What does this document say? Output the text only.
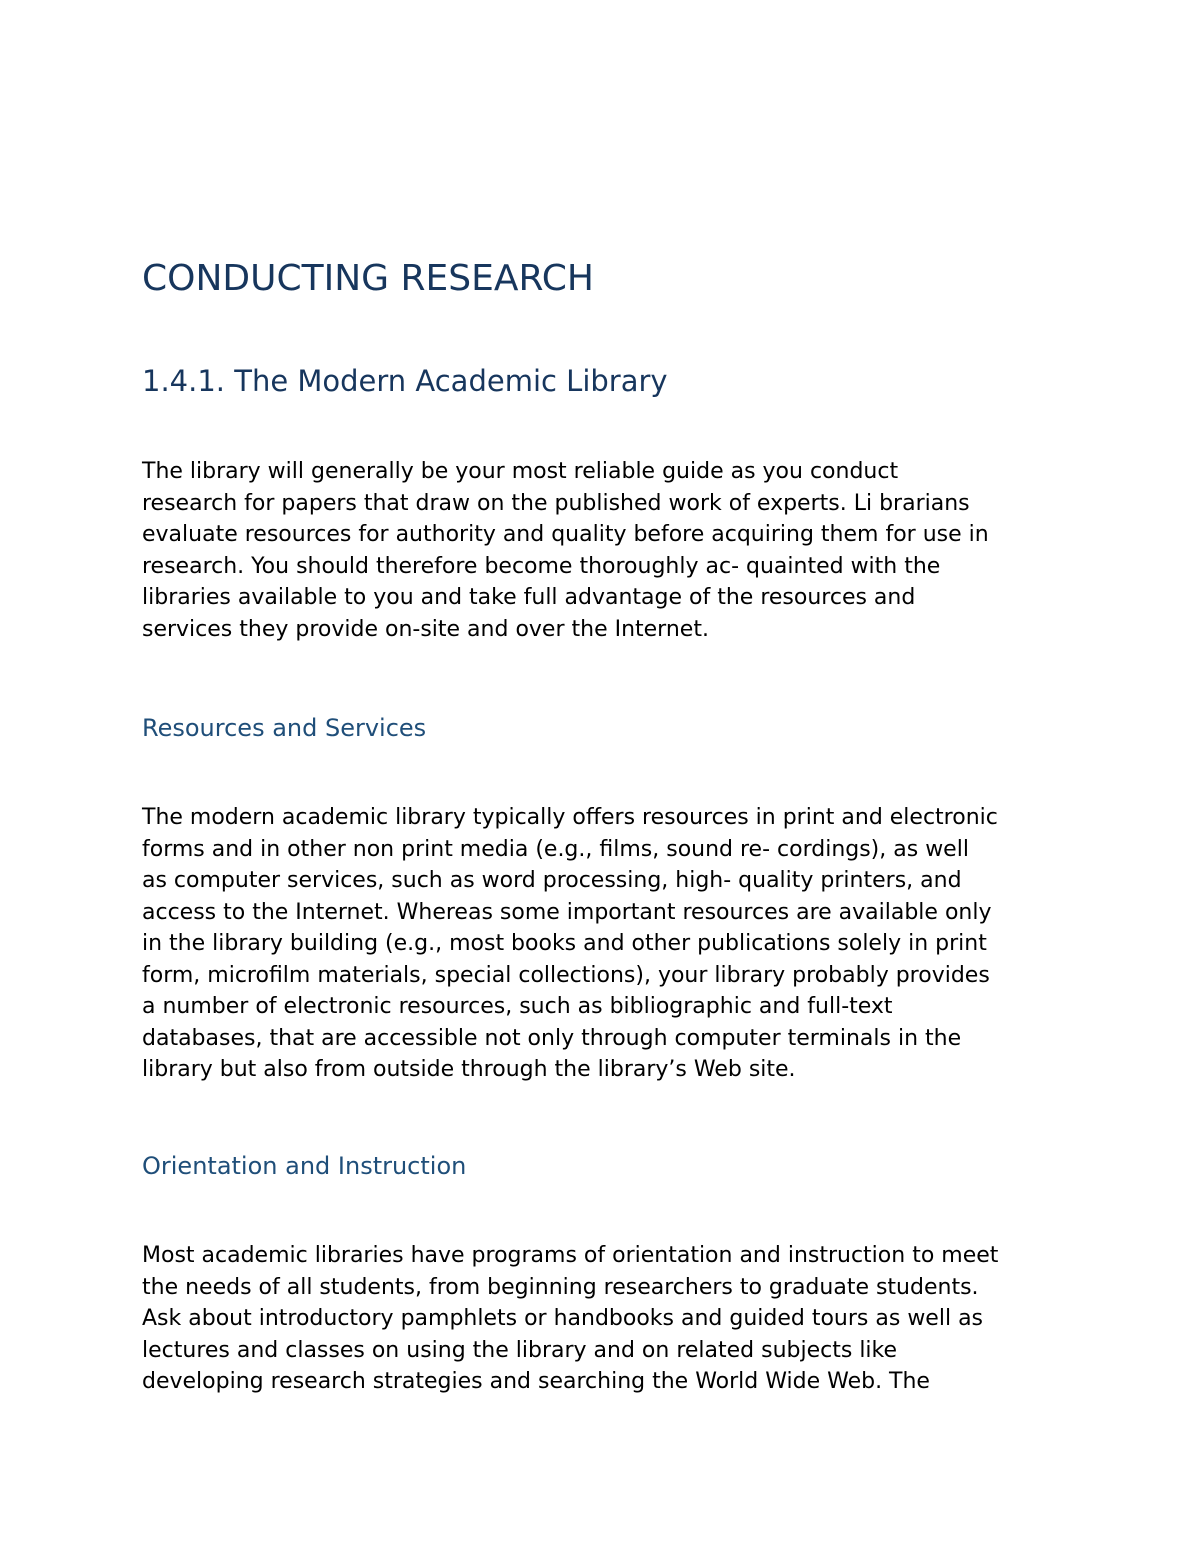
CONDUCTING RESEARCH
1.4.1. The Modern Academic Library
The library will generally be your most reliable guide as you conduct
research for papers that draw on the published work of experts. Li brarians
evaluate resources for authority and quality before acquiring them for use in
research. You should therefore become thoroughly ac- quainted with the
libraries available to you and take full advantage of the resources and
services they provide on-site and over the Internet.
Resources and Services
The modern academic library typically offers resources in print and electronic
forms and in other non print media (e.g., films, sound re- cordings), as well
as computer services, such as word processing, high- quality printers, and
access to the Internet. Whereas some important resources are available only
in the library building (e.g., most books and other publications solely in print
form, microfilm materials, special collections), your library probably provides
a number of electronic resources, such as bibliographic and full-text
databases, that are accessible not only through computer terminals in the
library but also from outside through the library’s Web site.
Orientation and Instruction
Most academic libraries have programs of orientation and instruction to meet
the needs of all students, from beginning researchers to graduate students.
Ask about introductory pamphlets or handbooks and guided tours as well as
lectures and classes on using the library and on related subjects like
developing research strategies and searching the World Wide Web. The
